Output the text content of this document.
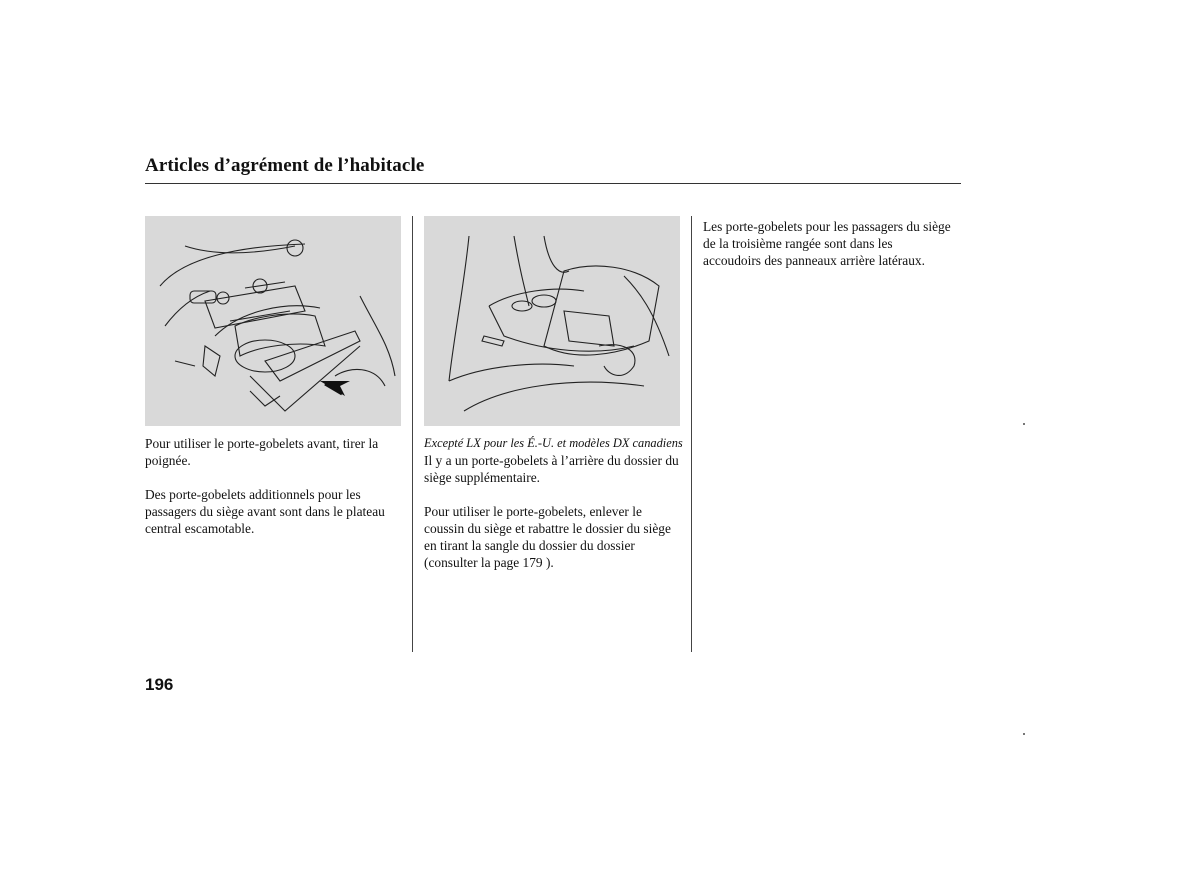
Articles d’agrément de l’habitacle

Pour utiliser le porte-gobelets avant, tirer la poignée.

Des porte-gobelets additionnels pour les passagers du siège avant sont dans le plateau central escamotable.

Excepté LX pour les É.-U. et modèles DX canadiens

Il y a un porte-gobelets à l’arrière du dossier du siège supplémentaire.

Pour utiliser le porte-gobelets, enlever le coussin du siège et rabattre le dossier du siège en tirant la sangle du dossier du dossier (consulter la page 179 ).

Les porte-gobelets pour les passagers du siège de la troisième rangée sont dans les accoudoirs des panneaux arrière latéraux.

196
